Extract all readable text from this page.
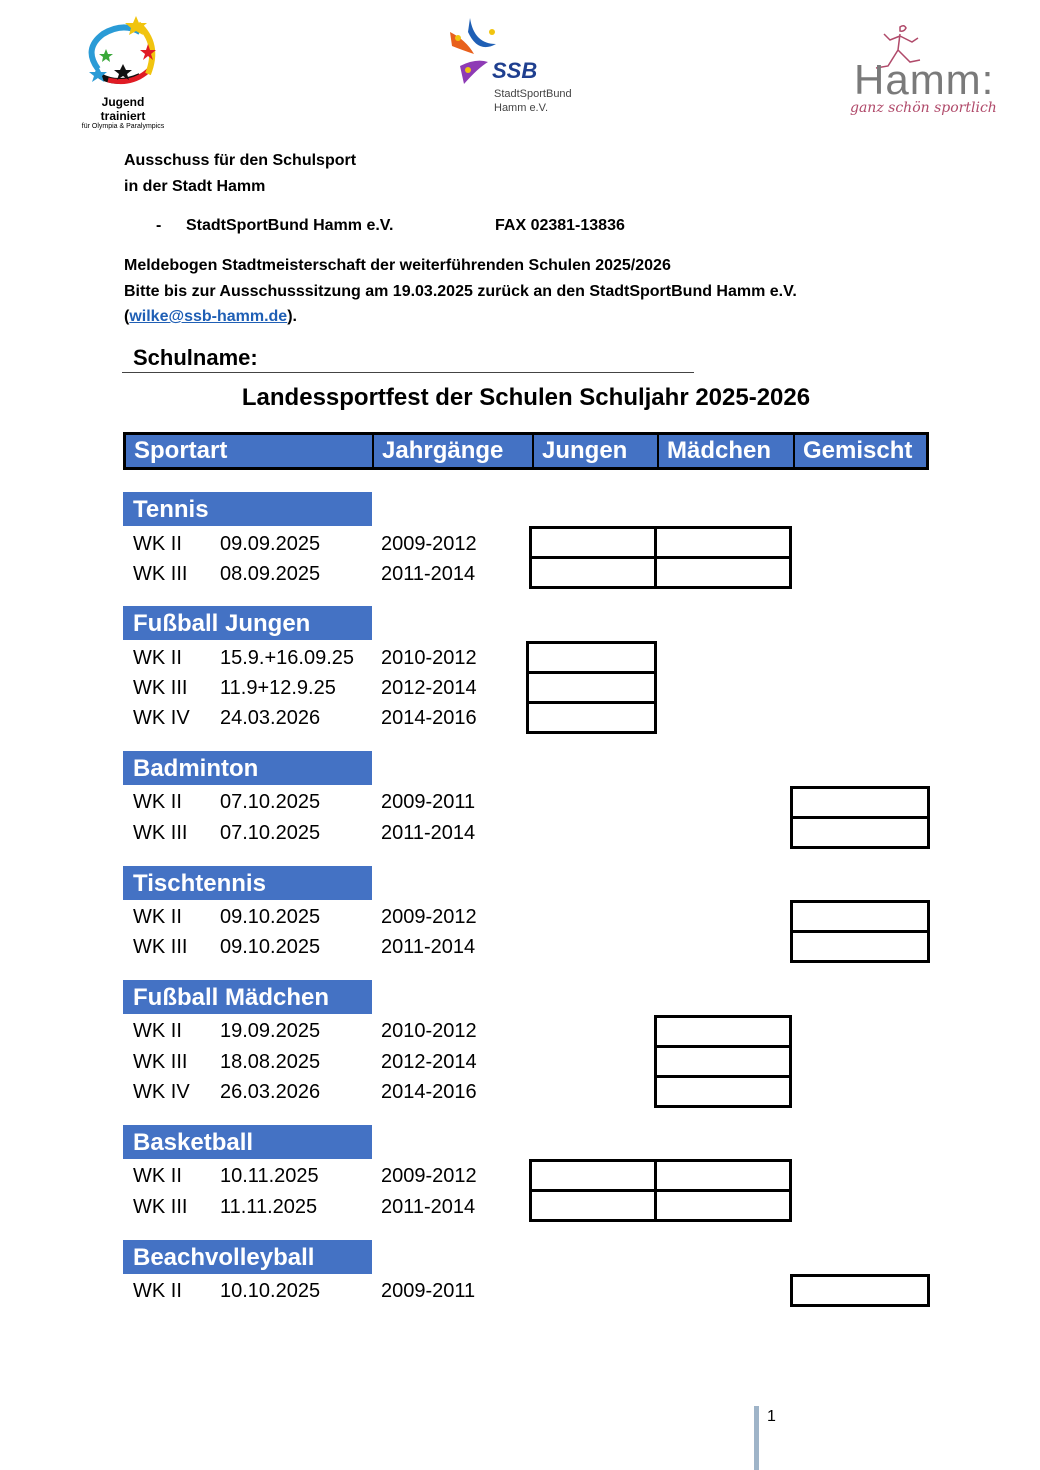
Jugend trainiert
für Olympia & Paralympics
SSB
StadtSportBund
Hamm e.V.
Hamm:
ganz schön sportlich
Ausschuss für den Schulsport
in der Stadt Hamm
- StadtSportBund Hamm e.V.	FAX 02381-13836
Meldebogen Stadtmeisterschaft der weiterführenden Schulen 2025/2026
Bitte bis zur Ausschusssitzung am 19.03.2025 zurück an den StadtSportBund Hamm e.V.
(wilke@ssb-hamm.de).
Schulname:
Landessportfest der Schulen Schuljahr 2025-2026
Sportart	Jahrgänge	Jungen	Mädchen	Gemischt
Tennis
WK II 09.09.2025	2009-2012
WK III 08.09.2025	2011-2014
Fußball Jungen
WK II 15.9.+16.09.25 2010-2012
WK III 11.9+12.9.25 2012-2014
WK IV 24.03.2026	2014-2016
Badminton
WK II 07.10.2025	2009-2011
WK III 07.10.2025	2011-2014
Tischtennis
WK II 09.10.2025	2009-2012
WK III 09.10.2025	2011-2014
Fußball Mädchen
WK II 19.09.2025	2010-2012
WK III 18.08.2025	2012-2014
WK IV 26.03.2026	2014-2016
Basketball
WK II 10.11.2025	2009-2012
WK III 11.11.2025	2011-2014
Beachvolleyball
WK II 10.10.2025	2009-2011
1
